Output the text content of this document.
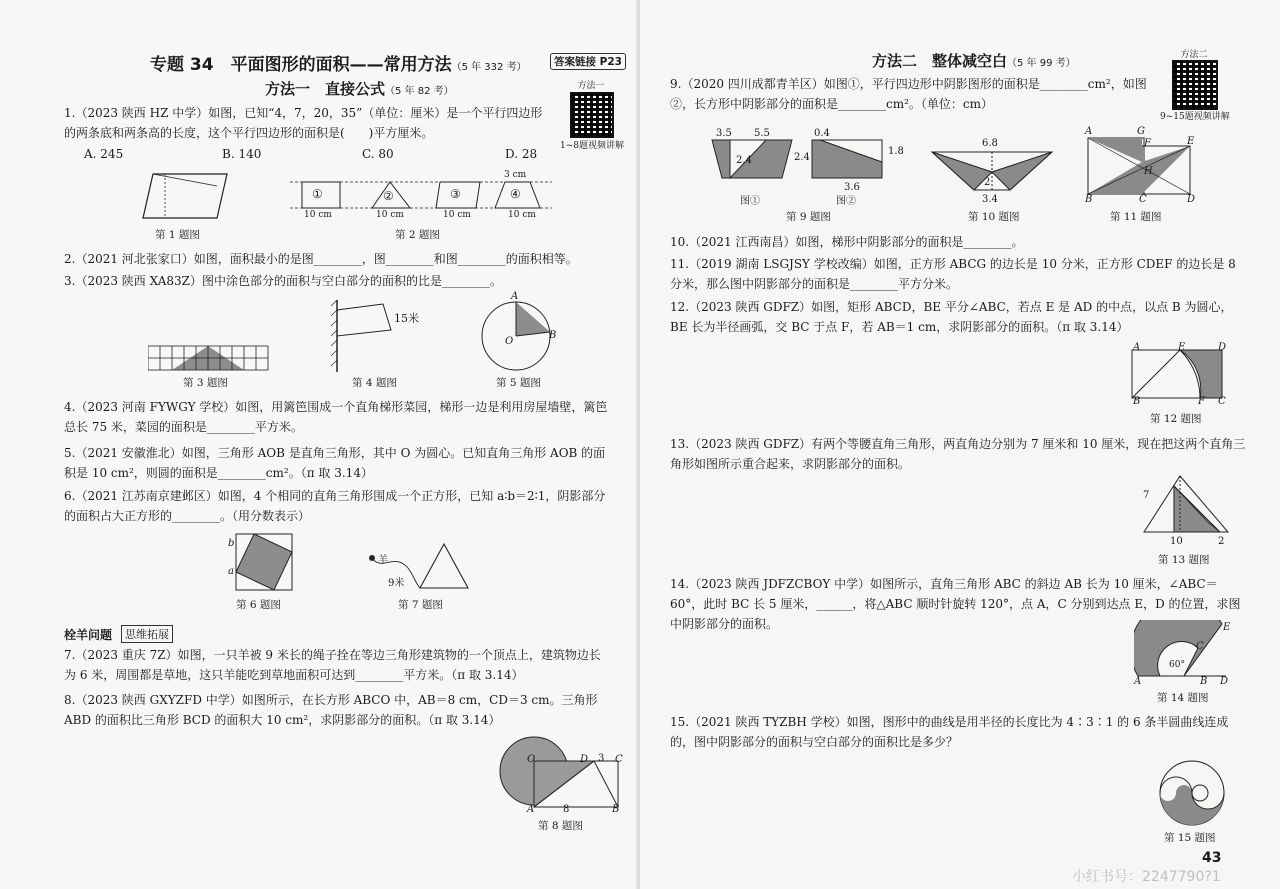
专题 34　平面图形的面积——常用方法（5 年 332 考）	答案链接 P23
方法一　直接公式（5 年 82 考）	方法一
1~8题视频讲解
1.（2023 陕西 HZ 中学）如图，已知“4，7，20，35”（单位：厘米）是一个平行四边形的两条底和两条高的长度，这个平行四边形的面积是(　　)平方厘米。
A. 245	B. 140	C. 80	D. 28
第 1 题图
①	②	③	④
10 cm	10 cm	10 cm	10 cm
3 cm
第 2 题图
2.（2021 河北张家口）如图，面积最小的是图________，图________和图________的面积相等。
3.（2023 陕西 XA83Z）图中涂色部分的面积与空白部分的面积的比是________。
第 3 题图
15米
第 4 题图
A
O
B
第 5 题图
4.（2023 河南 FYWGY 学校）如图，用篱笆围成一个直角梯形菜园，梯形一边是利用房屋墙壁，篱笆总长 75 米，菜园的面积是________平方米。
5.（2021 安徽淮北）如图，三角形 AOB 是直角三角形，其中 O 为圆心。已知直角三角形 AOB 的面积是 10 cm²，则圆的面积是________cm²。（π 取 3.14）
6.（2021 江苏南京建邺区）如图，4 个相同的直角三角形围成一个正方形，已知 a∶b＝2∶1，阴影部分的面积占大正方形的________。（用分数表示）
b
a
第 6 题图
羊
9米
第 7 题图
栓羊问题	思维拓展
7.（2023 重庆 7Z）如图，一只羊被 9 米长的绳子拴在等边三角形建筑物的一个顶点上，建筑物边长为 6 米，周围都是草地，这只羊能吃到草地面积可达到________平方米。（π 取 3.14）
8.（2023 陕西 GXYZFD 中学）如图所示，在长方形 ABCO 中，AB＝8 cm，CD＝3 cm。三角形 ABD 的面积比三角形 BCD 的面积大 10 cm²，求阴影部分的面积。（π 取 3.14）
O	D 3 C
A	8	B
第 8 题图
方法二　整体减空白（5 年 99 考）
方法二
9~15题视频讲解
9.（2020 四川成都青羊区）如图①，平行四边形中阴影图形的面积是________cm²，如图②，长方形中阴影部分的面积是________cm²。（单位：cm）
3.5 5.5
2.4
0.4
2.4
1.8
3.6
图①	图②
第 9 题图
6.8
2
3.4
第 10 题图
A	G
E
F
H
B	C	D
第 11 题图
10.（2021 江西南昌）如图，梯形中阴影部分的面积是________。
11.（2019 湖南 LSGJSY 学校改编）如图，正方形 ABCG 的边长是 10 分米，正方形 CDEF 的边长是 8 分米，那么图中阴影部分的面积是________平方分米。
12.（2023 陕西 GDFZ）如图，矩形 ABCD，BE 平分∠ABC，若点 E 是 AD 的中点，以点 B 为圆心，BE 长为半径画弧，交 BC 于点 F，若 AB＝1 cm，求阴影部分的面积。（π 取 3.14）
A	E	D
B	F C
第 12 题图
13.（2023 陕西 GDFZ）有两个等腰直角三角形，两直角边分别为 7 厘米和 10 厘米，现在把这两个直角三角形如图所示重合起来，求阴影部分的面积。
7
10	2
第 13 题图
14.（2023 陕西 JDFZCBOY 中学）如图所示，直角三角形 ABC 的斜边 AB 长为 10 厘米，∠ABC＝60°，此时 BC 长 5 厘米，______，将△ABC 顺时针旋转 120°，点 A，C 分别到达点 E，D 的位置，求图中阴影部分的面积。	E
C
60°
A	B D
第 14 题图
15.（2021 陕西 TYZBH 学校）如图，图形中的曲线是用半径的长度比为 4∶3∶1 的 6 条半圆曲线连成的，图中阴影部分的面积与空白部分的面积比是多少？
第 15 题图
43
小红书号：2247790?1
